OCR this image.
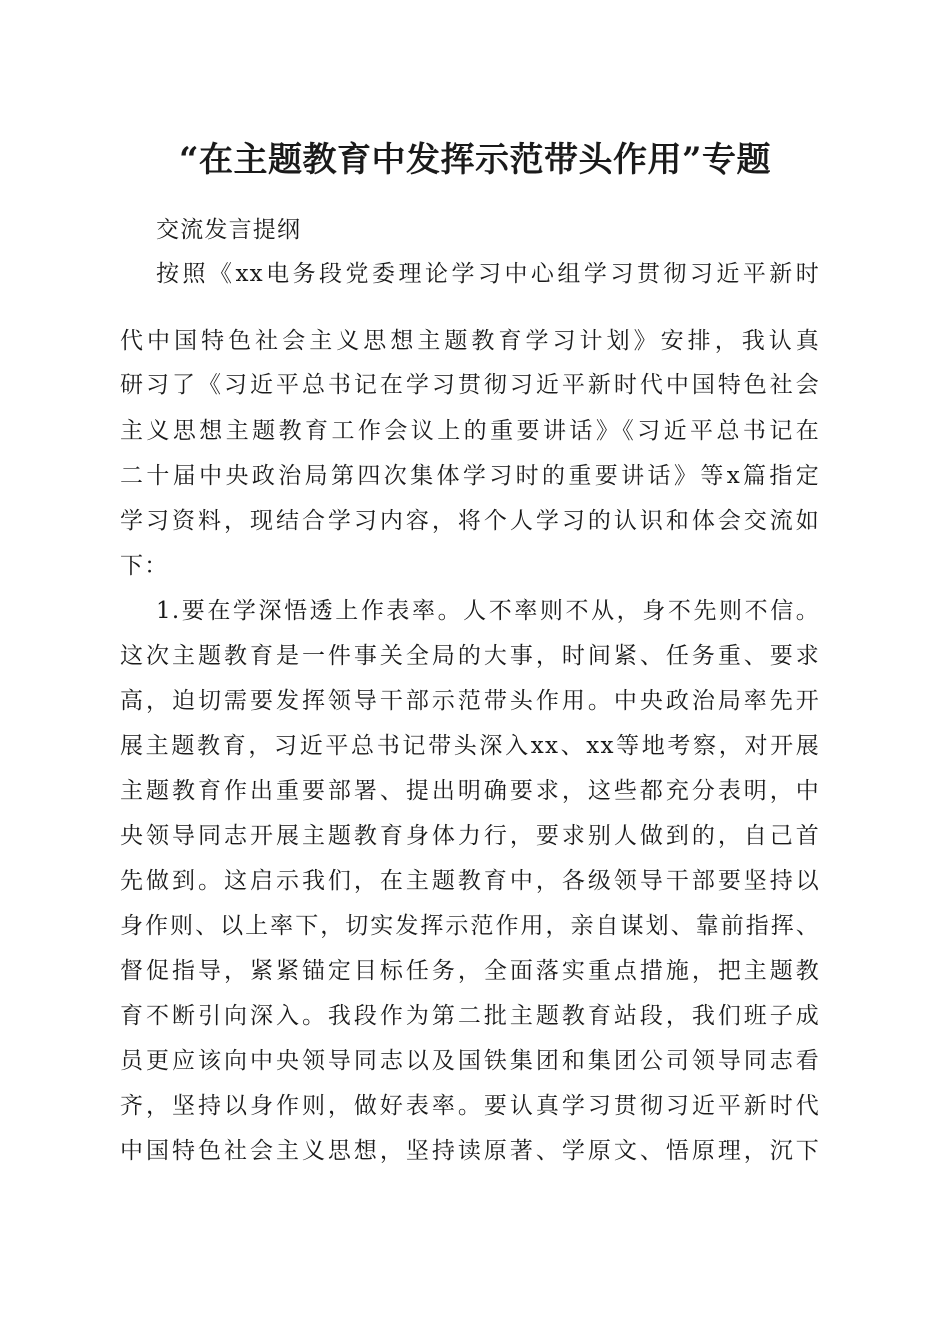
“在主题教育中发挥示范带头作用”专题
交流发言提纲
按照《xx电务段党委理论学习中心组学习贯彻习近平新时
代中国特色社会主义思想主题教育学习计划》安排，我认真
研习了《习近平总书记在学习贯彻习近平新时代中国特色社会
主义思想主题教育工作会议上的重要讲话》《习近平总书记在
二十届中央政治局第四次集体学习时的重要讲话》等x篇指定
学习资料，现结合学习内容，将个人学习的认识和体会交流如
下：
1.要在学深悟透上作表率。人不率则不从，身不先则不信。
这次主题教育是一件事关全局的大事，时间紧、任务重、要求
高，迫切需要发挥领导干部示范带头作用。中央政治局率先开
展主题教育，习近平总书记带头深入xx、xx等地考察，对开展
主题教育作出重要部署、提出明确要求，这些都充分表明，中
央领导同志开展主题教育身体力行，要求别人做到的，自己首
先做到。这启示我们，在主题教育中，各级领导干部要坚持以
身作则、以上率下，切实发挥示范作用，亲自谋划、靠前指挥、
督促指导，紧紧锚定目标任务，全面落实重点措施，把主题教
育不断引向深入。我段作为第二批主题教育站段，我们班子成
员更应该向中央领导同志以及国铁集团和集团公司领导同志看
齐，坚持以身作则，做好表率。要认真学习贯彻习近平新时代
中国特色社会主义思想，坚持读原著、学原文、悟原理，沉下
